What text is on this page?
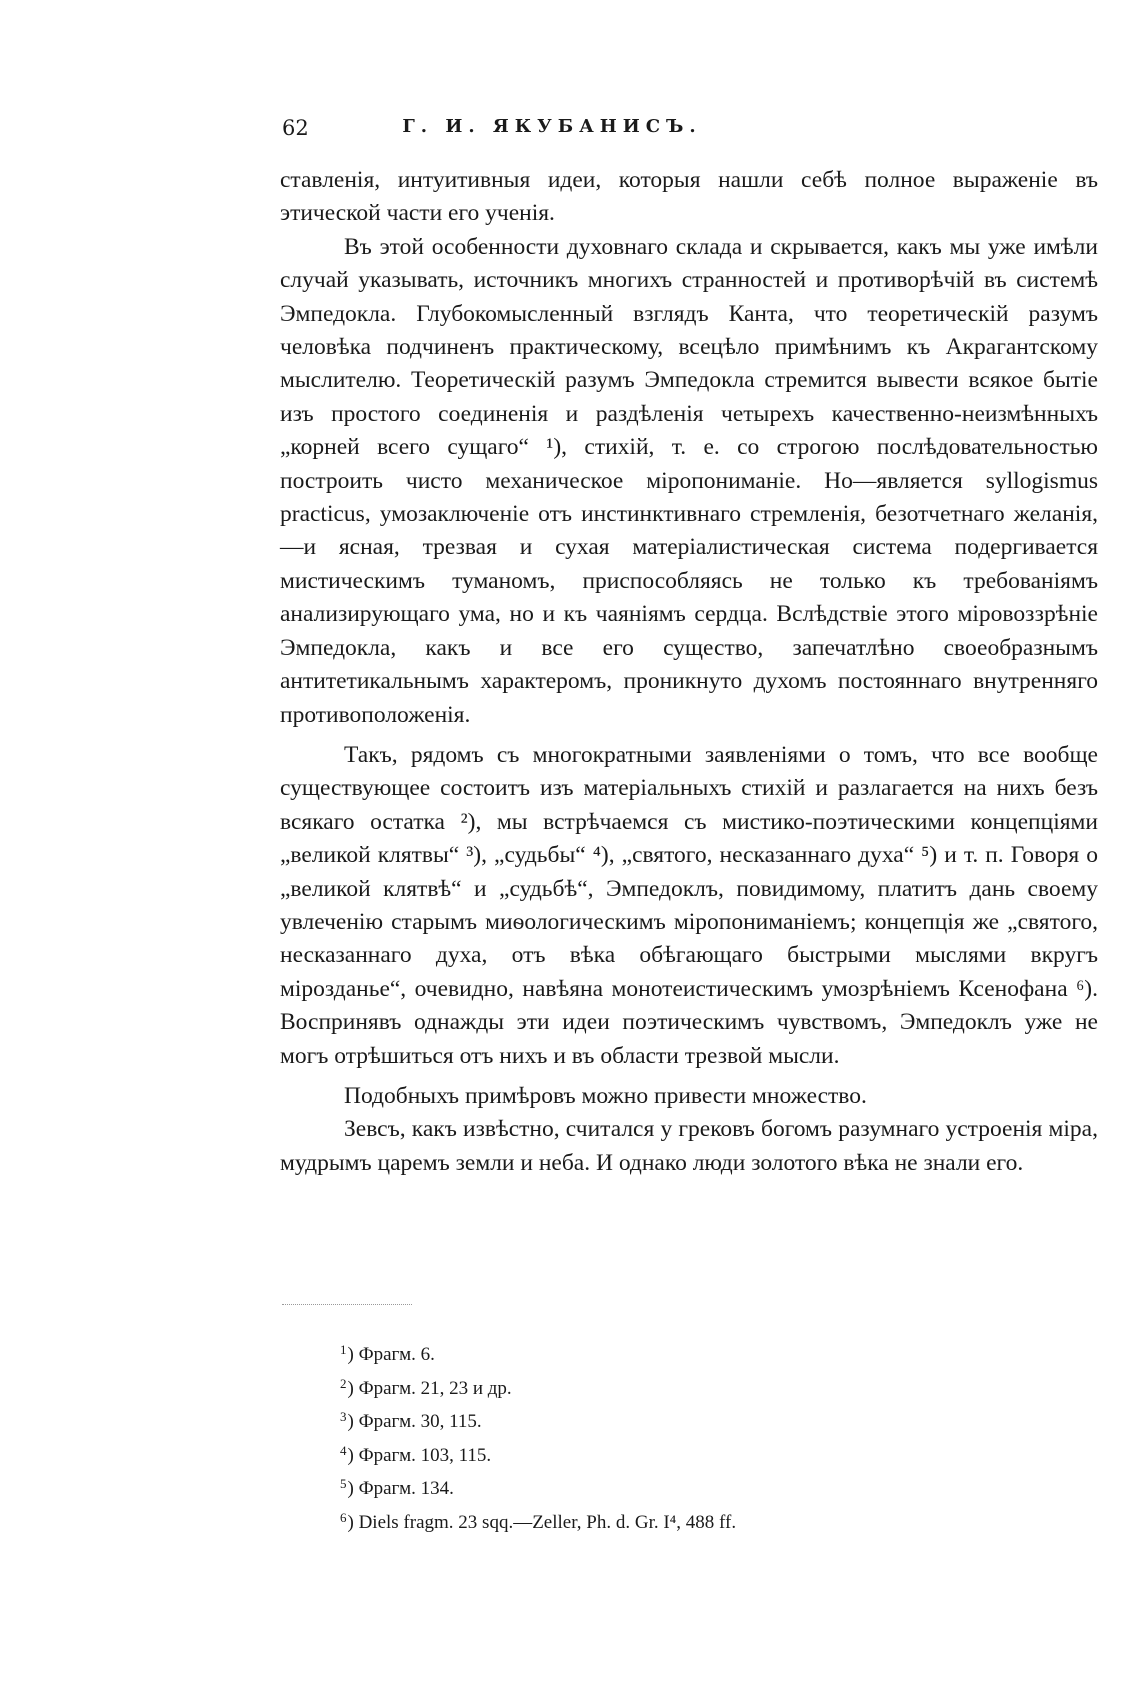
62	Г. И. ЯКУБАНИСЪ.

ставленія, интуитивныя идеи, которыя нашли себѣ полное выраженіе въ этической части его ученія.

Въ этой особенности духовнаго склада и скрывается, какъ мы уже имѣли случай указывать, источникъ многихъ странностей и противорѣчій въ системѣ Эмпедокла. Глубокомысленный взглядъ Канта, что теоретическій разумъ человѣка подчиненъ практическому, всецѣло примѣнимъ къ Акрагантскому мыслителю. Теоретическій разумъ Эмпедокла стремится вывести всякое бытіе изъ простого соединенія и раздѣленія четырехъ качественно-неизмѣнныхъ „корней всего сущаго“ ¹), стихій, т. е. со строгою послѣдовательностью построить чисто механическое міропониманіе. Но—является syllogismus practicus, умозаключеніе отъ инстинктивнаго стремленія, безотчетнаго желанія, —и ясная, трезвая и сухая матеріалистическая система подергивается мистическимъ туманомъ, приспособляясь не только къ требованіямъ анализирующаго ума, но и къ чаяніямъ сердца. Вслѣдствіе этого міровоззрѣніе Эмпедокла, какъ и все его существо, запечатлѣно своеобразнымъ антитетикальнымъ характеромъ, проникнуто духомъ постояннаго внутренняго противоположенія.

Такъ, рядомъ съ многократными заявленіями о томъ, что все вообще существующее состоитъ изъ матеріальныхъ стихій и разлагается на нихъ безъ всякаго остатка ²), мы встрѣчаемся съ мистико-поэтическими концепціями „великой клятвы“ ³), „судьбы“ ⁴), „святого, несказаннаго духа“ ⁵) и т. п. Говоря о „великой клятвѣ“ и „судьбѣ“, Эмпедоклъ, повидимому, платитъ дань своему увлеченію старымъ миѳологическимъ міропониманіемъ; концепція же „святого, несказаннаго духа, отъ вѣка обѣгающаго быстрыми мыслями вкругъ мірозданье“, очевидно, навѣяна монотеистическимъ умозрѣніемъ Ксенофана ⁶). Воспринявъ однажды эти идеи поэтическимъ чувствомъ, Эмпедоклъ уже не могъ отрѣшиться отъ нихъ и въ области трезвой мысли.

Подобныхъ примѣровъ можно привести множество.

Зевсъ, какъ извѣстно, считался у грековъ богомъ разумнаго устроенія міра, мудрымъ царемъ земли и неба. И однако люди золотого вѣка не знали его.

$^1$) Фрагм. 6.
$^2$) Фрагм. 21, 23 и др.
$^3$) Фрагм. 30, 115.
$^4$) Фрагм. 103, 115.
$^5$) Фрагм. 134.
$^6$) Diels fragm. 23 sqq.—Zeller, Ph. d. Gr. I⁴, 488 ff.
